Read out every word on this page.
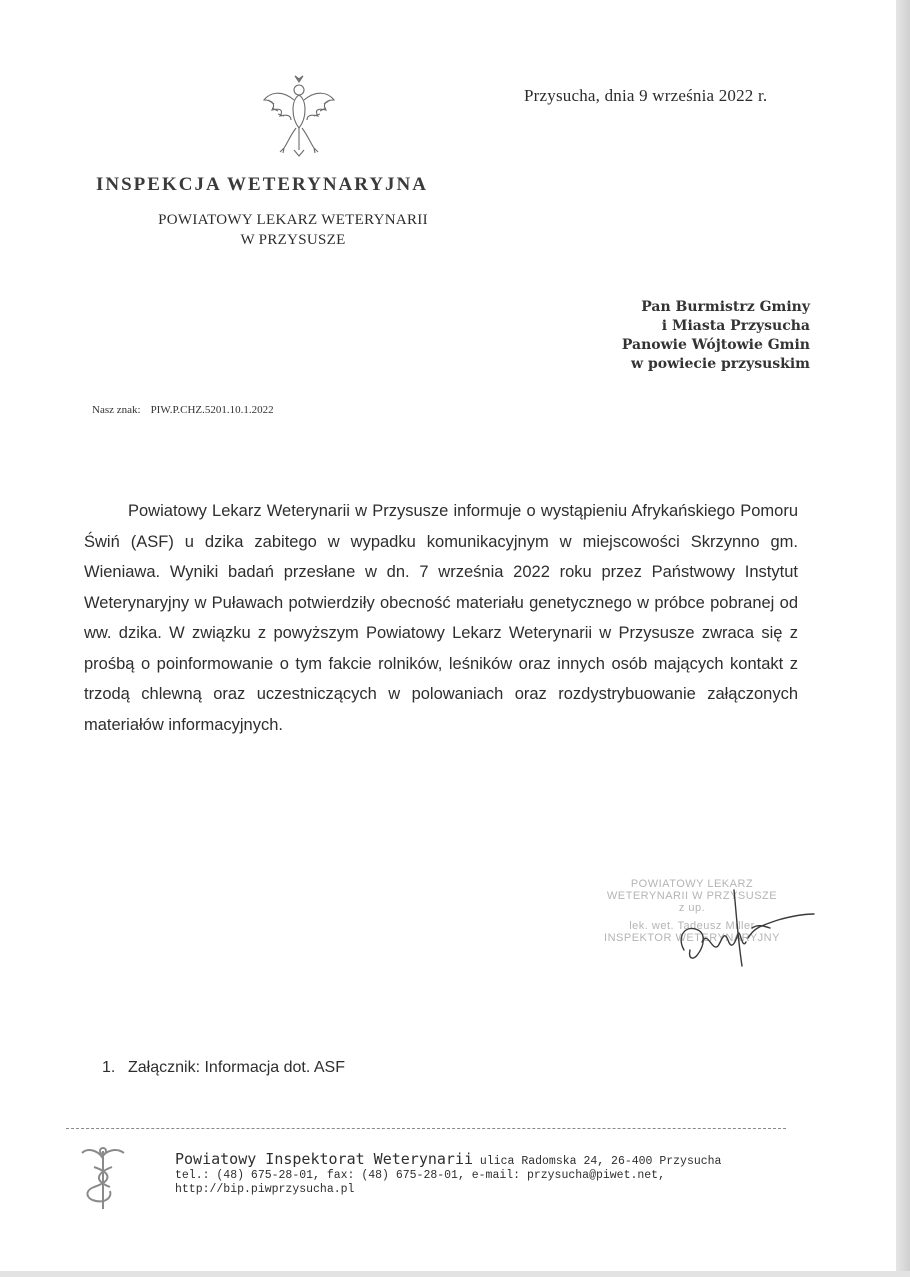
Przysucha, dnia 9 września 2022 r.
INSPEKCJA WETERYNARYJNA
POWIATOWY LEKARZ WETERYNARII
W PRZYSUSZE
Pan Burmistrz Gminy
i Miasta Przysucha
Panowie Wójtowie Gmin
w powiecie przysuskim
Nasz znak: PIW.P.CHZ.5201.10.1.2022
Powiatowy Lekarz Weterynarii w Przysusze informuje o wystąpieniu Afrykańskiego Pomoru Świń (ASF) u dzika zabitego w wypadku komunikacyjnym w miejscowości Skrzynno gm. Wieniawa. Wyniki badań przesłane w dn. 7 września 2022 roku przez Państwowy Instytut Weterynaryjny w Puławach potwierdziły obecność materiału genetycznego w próbce pobranej od ww. dzika. W związku z powyższym Powiatowy Lekarz Weterynarii w Przysusze zwraca się z prośbą o poinformowanie o tym fakcie rolników, leśników oraz innych osób mających kontakt z trzodą chlewną oraz uczestniczących w polowaniach oraz rozdystrybuowanie załączonych materiałów informacyjnych.
POWIATOWY LEKARZ
WETERYNARII W PRZYSUSZE
z up.
lek. wet. Tadeusz Miller
INSPEKTOR WETERYNARYJNY
1. Załącznik: Informacja dot. ASF
Powiatowy Inspektorat Weterynarii ulica Radomska 24, 26-400 Przysucha
tel.: (48) 675-28-01, fax: (48) 675-28-01, e-mail: przysucha@piwet.net,
http://bip.piwprzysucha.pl
